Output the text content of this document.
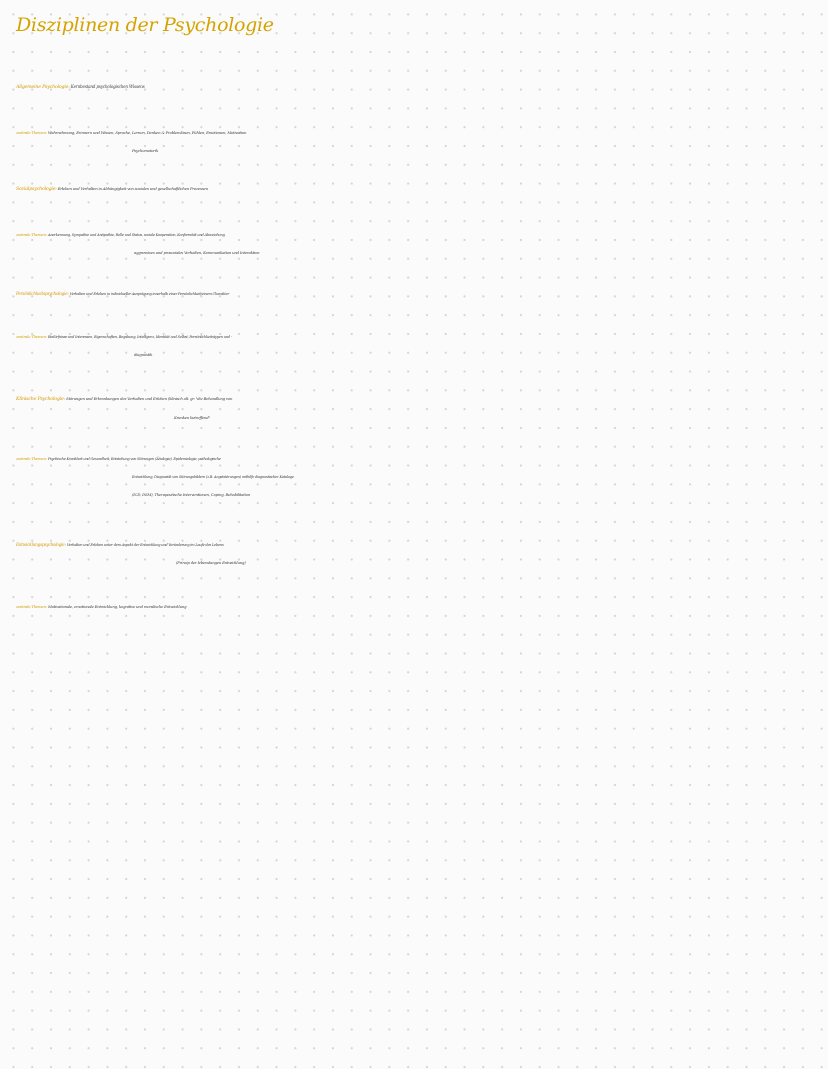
Disziplinen der Psychologie
Allgemeine Psychologie: Kernbestand psychologischen Wissens
zentrale Themen: Wahrnehmung, Erinnern und Wissen, Sprache, Lernen, Denken & Problemlösen, Fühlen, Emotionen, Motivation
Psychomotorik
Sozialpsychologie: Erleben und Verhalten in Abhängigkeit von sozialen und gesellschaftlichen Prozessen
zentrale Themen: Anerkennung, Sympathie und Antipathie, Rolle und Status, soziale Kooperation, Konformität und Abweichung
aggressives und prosoziales Verhalten, Kommunikation und Interaktion
Persönlichkeitspsychologie: Verhalten und Erleben in individueller Ausprägung innerhalb einer Persönlichkeit/einem Charakter
zentrale Themen: Bedürfnisse und Interessen, Eigenschaften, Begabung, Intelligenz, Identität und Selbst, Persönlichkeitstypen und -
diagnostik
Klinische Psychologie: Störungen und Erkrankungen des Verhalten und Erleben (klinisch alt. gr. "die Behandlung von
Kranken betreffend"
zentrale Themen: Psychische Krankheit und Gesundheit, Entstehung von Störungen (Ätiologie), Epidemiologie, pathologische
Entwicklung, Diagnostik von Störungsbildern (z.B. Angststörungen) mithilfe diagnostischer Kataloge
(ICD, DSM), Therapeutische Interventionen, Coping, Rehabilitation
Entwicklungspsychologie: Verhalten und Erleben unter dem Aspekt der Entwicklung und Veränderung im Laufe des Lebens
(Prinzip der lebenslangen Entwicklung)
zentrale Themen: Motivationale, emotionale Entwicklung, kognitive und moralische Entwicklung
